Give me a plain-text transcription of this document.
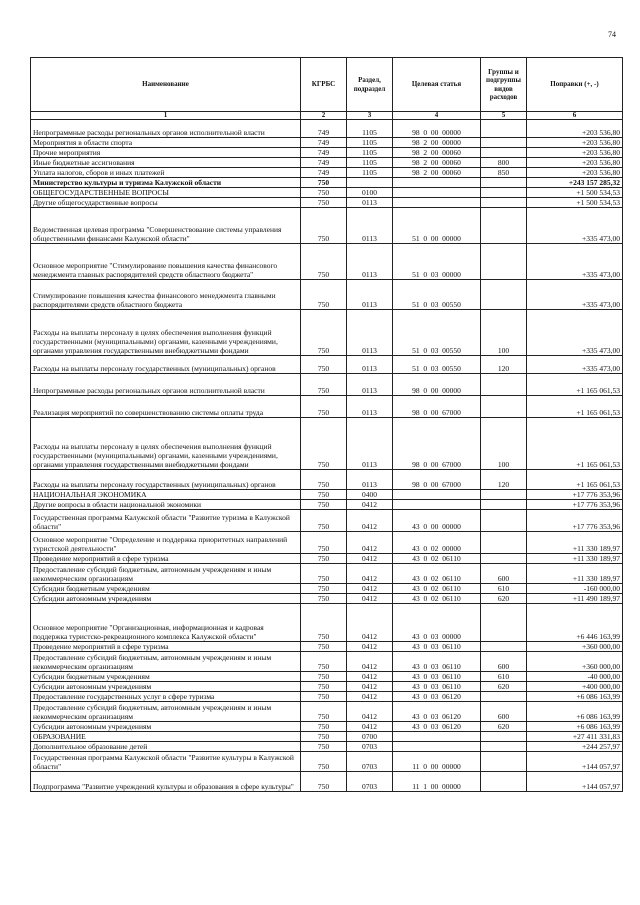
74
Наименование	КГРБС	Раздел, подраздел	Целевая статья	Группы и подгруппы видов расходов	Поправки (+, -)
1	2	3	4	5	6
Непрограммные расходы региональных органов исполнительной власти	749	1105	98  0  00  00000		+203 536,80
Мероприятия в области спорта	749	1105	98  2  00  00000		+203 536,80
Прочие мероприятия	749	1105	98  2  00  00060		+203 536,80
Иные бюджетные ассигнования	749	1105	98  2  00  00060	800	+203 536,80
Уплата налогов, сборов и иных платежей	749	1105	98  2  00  00060	850	+203 536,80
Министерство культуры и туризма Калужской области	750				+243 157 285,32
ОБЩЕГОСУДАРСТВЕННЫЕ ВОПРОСЫ	750	0100			+1 500 534,53
Другие общегосударственные вопросы	750	0113			+1 500 534,53
Ведомственная целевая программа "Совершенствование системы управления общественными финансами Калужской области"	750	0113	51  0  00  00000		+335 473,00
Основное мероприятие "Стимулирование повышения качества финансового менеджмента главных распорядителей средств областного бюджета"	750	0113	51  0  03  00000		+335 473,00
Стимулирование повышения качества финансового менеджмента главными распорядителями средств областного бюджета	750	0113	51  0  03  00550		+335 473,00
Расходы на выплаты персоналу в целях обеспечения выполнения функций государственными (муниципальными) органами, казенными учреждениями, органами управления государственными внебюджетными фондами	750	0113	51  0  03  00550	100	+335 473,00
Расходы на выплаты персоналу государственных (муниципальных) органов	750	0113	51  0  03  00550	120	+335 473,00
Непрограммные расходы региональных органов исполнительной власти	750	0113	98  0  00  00000		+1 165 061,53
Реализация мероприятий по совершенствованию системы оплаты труда	750	0113	98  0  00  67000		+1 165 061,53
Расходы на выплаты персоналу в целях обеспечения выполнения функций государственными (муниципальными) органами, казенными учреждениями, органами управления государственными внебюджетными фондами	750	0113	98  0  00  67000	100	+1 165 061,53
Расходы на выплаты персоналу государственных (муниципальных) органов	750	0113	98  0  00  67000	120	+1 165 061,53
НАЦИОНАЛЬНАЯ ЭКОНОМИКА	750	0400			+17 776 353,96
Другие вопросы в области национальной экономики	750	0412			+17 776 353,96
Государственная программа Калужской области "Развитие туризма в Калужской области"	750	0412	43  0  00  00000		+17 776 353,96
Основное мероприятие "Определение и поддержка приоритетных направлений туристской деятельности"	750	0412	43  0  02  00000		+11 330 189,97
Проведение мероприятий в сфере туризма	750	0412	43  0  02  06110		+11 330 189,97
Предоставление субсидий бюджетным, автономным учреждениям и иным некоммерческим организациям	750	0412	43  0  02  06110	600	+11 330 189,97
Субсидии бюджетным учреждениям	750	0412	43  0  02  06110	610	-160 000,00
Субсидии автономным учреждениям	750	0412	43  0  02  06110	620	+11 490 189,97
Основное мероприятие "Организационная, информационная и кадровая поддержка туристско-рекреационного комплекса Калужской области"	750	0412	43  0  03  00000		+6 446 163,99
Проведение мероприятий в сфере туризма	750	0412	43  0  03  06110		+360 000,00
Предоставление субсидий бюджетным, автономным учреждениям и иным некоммерческим организациям	750	0412	43  0  03  06110	600	+360 000,00
Субсидии бюджетным учреждениям	750	0412	43  0  03  06110	610	-40 000,00
Субсидии автономным учреждениям	750	0412	43  0  03  06110	620	+400 000,00
Предоставление государственных услуг в сфере туризма	750	0412	43  0  03  06120		+6 086 163,99
Предоставление субсидий бюджетным, автономным учреждениям и иным некоммерческим организациям	750	0412	43  0  03  06120	600	+6 086 163,99
Субсидии автономным учреждениям	750	0412	43  0  03  06120	620	+6 086 163,99
ОБРАЗОВАНИЕ	750	0700			+27 411 331,83
Дополнительное образование детей	750	0703			+244 257,97
Государственная программа Калужской области "Развитие культуры в Калужской области"	750	0703	11  0  00  00000		+144 057,97
Подпрограмма "Развитие учреждений культуры и образования в сфере культуры"	750	0703	11  1  00  00000		+144 057,97
